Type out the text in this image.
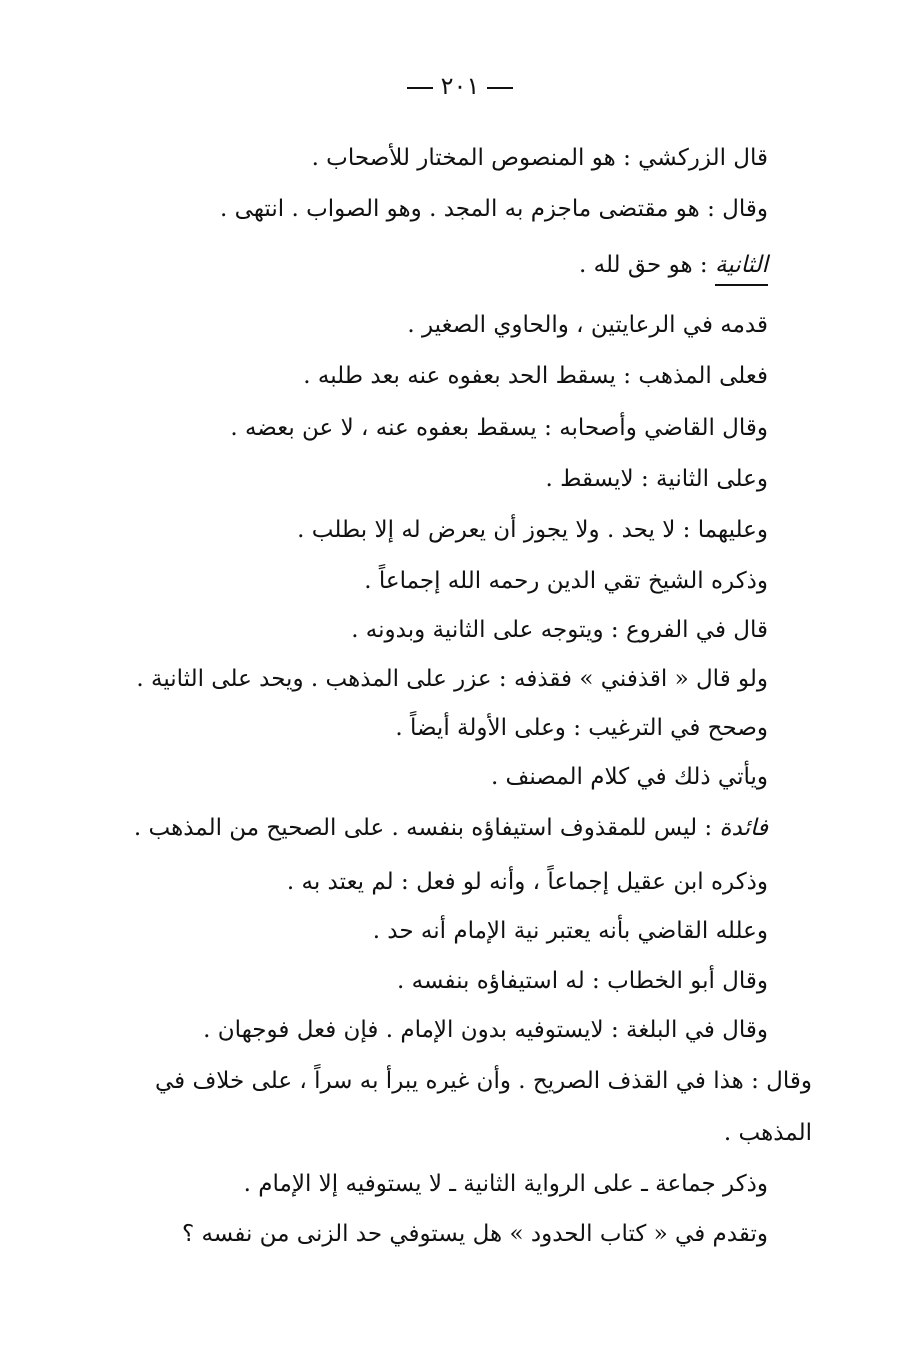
٢٠١
قال الزركشي : هو المنصوص المختار للأصحاب .
وقال : هو مقتضى ماجزم به المجد . وهو الصواب . انتهى .
الثانية : هو حق لله .
قدمه في الرعايتين ، والحاوي الصغير .
فعلى المذهب : يسقط الحد بعفوه عنه بعد طلبه .
وقال القاضي وأصحابه : يسقط بعفوه عنه ، لا عن بعضه .
وعلى الثانية : لايسقط .
وعليهما : لا يحد . ولا يجوز أن يعرض له إلا بطلب .
وذكره الشيخ تقي الدين رحمه الله إجماعاً .
قال في الفروع : ويتوجه على الثانية وبدونه .
ولو قال « اقذفني » فقذفه : عزر على المذهب . ويحد على الثانية .
وصحح في الترغيب : وعلى الأولة أيضاً .
ويأتي ذلك في كلام المصنف .
فائدة : ليس للمقذوف استيفاؤه بنفسه . على الصحيح من المذهب .
وذكره ابن عقيل إجماعاً ، وأنه لو فعل : لم يعتد به .
وعلله القاضي بأنه يعتبر نية الإمام أنه حد .
وقال أبو الخطاب : له استيفاؤه بنفسه .
وقال في البلغة : لايستوفيه بدون الإمام . فإن فعل فوجهان .
وقال : هذا في القذف الصريح . وأن غيره يبرأ به سراً ، على خلاف في
المذهب .
وذكر جماعة ـ على الرواية الثانية ـ لا يستوفيه إلا الإمام .
وتقدم في « كتاب الحدود » هل يستوفي حد الزنى من نفسه ؟
